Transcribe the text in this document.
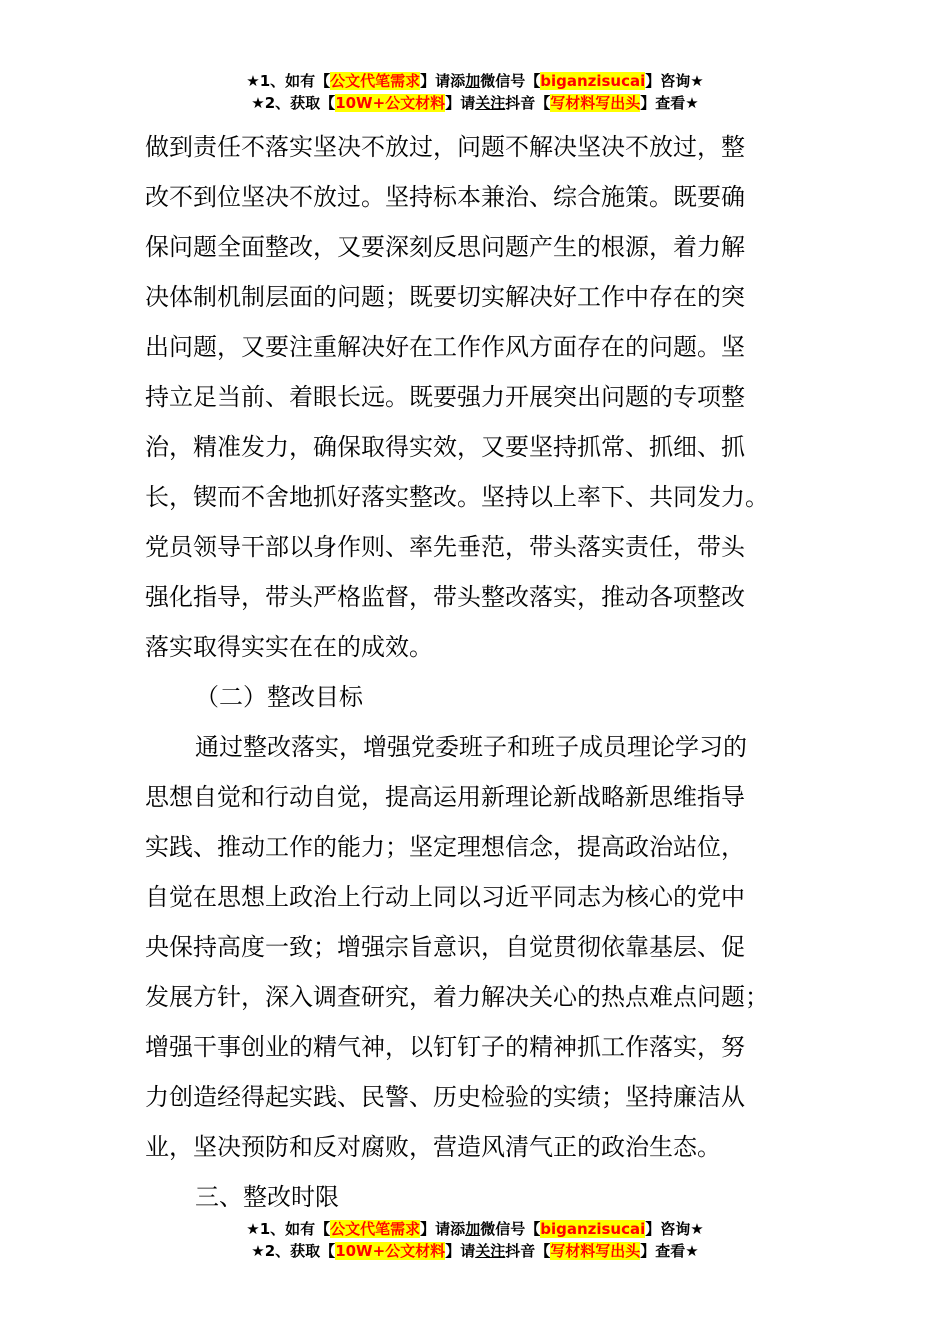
★1、如有【公文代笔需求】请添加微信号【biganzisucai】咨询★
★2、获取【10W+公文材料】请关注抖音【写材料写出头】查看★
做到责任不落实坚决不放过，问题不解决坚决不放过，整
改不到位坚决不放过。坚持标本兼治、综合施策。既要确
保问题全面整改，又要深刻反思问题产生的根源，着力解
决体制机制层面的问题；既要切实解决好工作中存在的突
出问题，又要注重解决好在工作作风方面存在的问题。坚
持立足当前、着眼长远。既要强力开展突出问题的专项整
治，精准发力，确保取得实效，又要坚持抓常、抓细、抓
长，锲而不舍地抓好落实整改。坚持以上率下、共同发力。
党员领导干部以身作则、率先垂范，带头落实责任，带头
强化指导，带头严格监督，带头整改落实，推动各项整改
落实取得实实在在的成效。
（二）整改目标
通过整改落实，增强党委班子和班子成员理论学习的
思想自觉和行动自觉，提高运用新理论新战略新思维指导
实践、推动工作的能力；坚定理想信念，提高政治站位，
自觉在思想上政治上行动上同以习近平同志为核心的党中
央保持高度一致；增强宗旨意识，自觉贯彻依靠基层、促
发展方针，深入调查研究，着力解决关心的热点难点问题；
增强干事创业的精气神，以钉钉子的精神抓工作落实，努
力创造经得起实践、民警、历史检验的实绩；坚持廉洁从
业，坚决预防和反对腐败，营造风清气正的政治生态。
三、整改时限
★1、如有【公文代笔需求】请添加微信号【biganzisucai】咨询★
★2、获取【10W+公文材料】请关注抖音【写材料写出头】查看★
